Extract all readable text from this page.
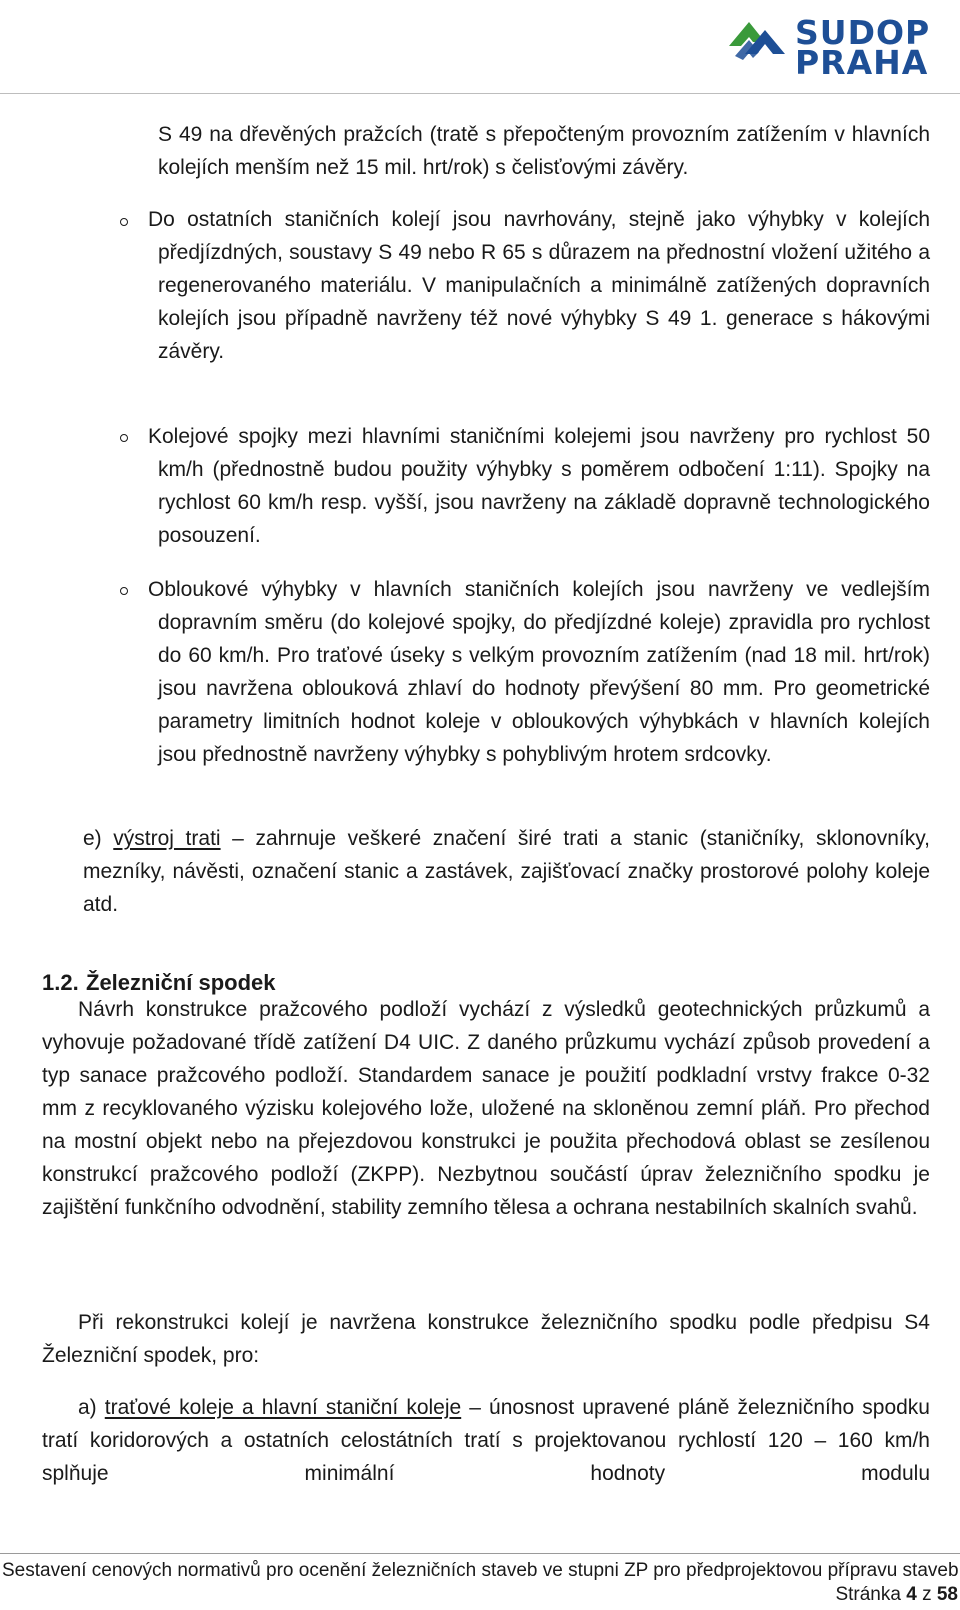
SUDOP
PRAHA

S 49 na dřevěných pražcích (tratě s přepočteným provozním zatížením v hlavních kolejích menším než 15 mil. hrt/rok) s čelisťovými závěry.

Do ostatních staničních kolejí jsou navrhovány, stejně jako výhybky v kolejích předjízdných, soustavy S 49 nebo R 65 s důrazem na přednostní vložení užitého a regenerovaného materiálu. V manipulačních a minimálně zatížených dopravních kolejích jsou případně navrženy též nové výhybky S 49 1. generace s hákovými závěry.

Kolejové spojky mezi hlavními staničními kolejemi jsou navrženy pro rychlost 50 km/h (přednostně budou použity výhybky s poměrem odbočení 1:11). Spojky na rychlost 60 km/h resp. vyšší, jsou navrženy na základě dopravně technologického posouzení.

Obloukové výhybky v hlavních staničních kolejích jsou navrženy ve vedlejším dopravním směru (do kolejové spojky, do předjízdné koleje) zpravidla pro rychlost do 60 km/h. Pro traťové úseky s velkým provozním zatížením (nad 18 mil. hrt/rok) jsou navržena oblouková zhlaví do hodnoty převýšení 80 mm. Pro geometrické parametry limitních hodnot koleje v obloukových výhybkách v hlavních kolejích jsou přednostně navrženy výhybky s pohyblivým hrotem srdcovky.

e) výstroj trati – zahrnuje veškeré značení širé trati a stanic (staničníky, sklonovníky, mezníky, návěsti, označení stanic a zastávek, zajišťovací značky prostorové polohy koleje atd.

1.2. Železniční spodek

Návrh konstrukce pražcového podloží vychází z výsledků geotechnických průzkumů a vyhovuje požadované třídě zatížení D4 UIC. Z daného průzkumu vychází způsob provedení a typ sanace pražcového podloží. Standardem sanace je použití podkladní vrstvy frakce 0-32 mm z recyklovaného výzisku kolejového lože, uložené na skloněnou zemní pláň. Pro přechod na mostní objekt nebo na přejezdovou konstrukci je použita přechodová oblast se zesílenou konstrukcí pražcového podloží (ZKPP). Nezbytnou součástí úprav železničního spodku je zajištění funkčního odvodnění, stability zemního tělesa a ochrana nestabilních skalních svahů.

Při rekonstrukci kolejí je navržena konstrukce železničního spodku podle předpisu S4 Železniční spodek, pro:

a) traťové koleje a hlavní staniční koleje – únosnost upravené pláně železničního spodku tratí koridorových a ostatních celostátních tratí s projektovanou rychlostí 120 – 160 km/h splňuje minimální hodnoty modulu

Sestavení cenových normativů pro ocenění železničních staveb ve stupni ZP pro předprojektovou přípravu staveb
Stránka 4 z 58
